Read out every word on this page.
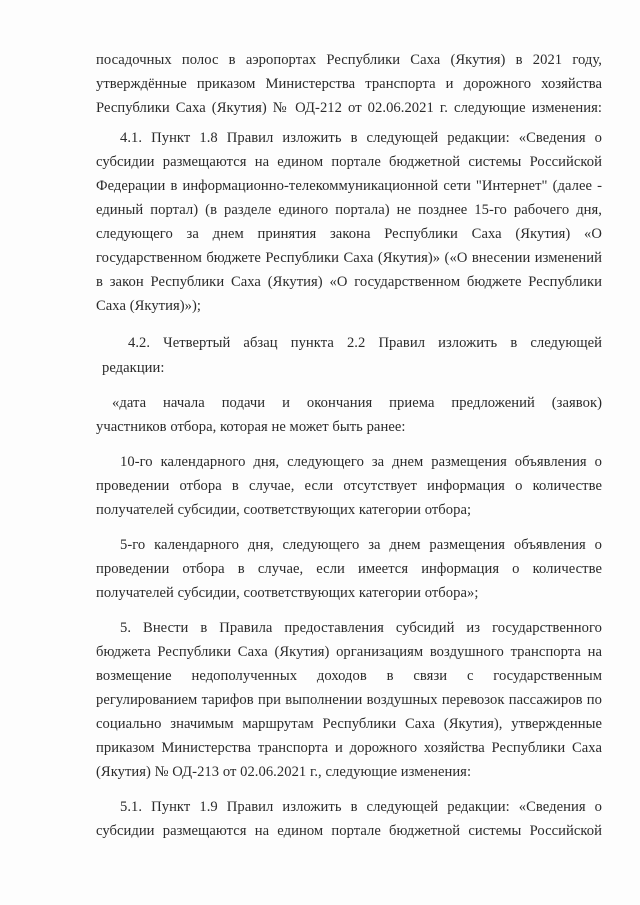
посадочных полос в аэропортах Республики Саха (Якутия) в 2021 году,
утверждённые приказом Министерства транспорта и дорожного хозяйства
Республики Саха (Якутия) № ОД-212 от 02.06.2021 г. следующие изменения:
4.1. Пункт 1.8 Правил изложить в следующей редакции: «Сведения о
субсидии размещаются на едином портале бюджетной системы Российской
Федерации в информационно-телекоммуникационной сети "Интернет" (далее -
единый портал) (в разделе единого портала) не позднее 15-го рабочего дня,
следующего за днем принятия закона Республики Саха (Якутия) «О
государственном бюджете Республики Саха (Якутия)» («О внесении изменений
в закон Республики Саха (Якутия) «О государственном бюджете Республики
Саха (Якутия)»);
4.2. Четвертый абзац пункта 2.2 Правил изложить в следующей
редакции:
«дата начала подачи и окончания приема предложений (заявок)
участников отбора, которая не может быть ранее:
10-го календарного дня, следующего за днем размещения объявления о
проведении отбора в случае, если отсутствует информация о количестве
получателей субсидии, соответствующих категории отбора;
5-го календарного дня, следующего за днем размещения объявления о
проведении отбора в случае, если имеется информация о количестве
получателей субсидии, соответствующих категории отбора»;
5. Внести в Правила предоставления субсидий из государственного
бюджета Республики Саха (Якутия) организациям воздушного транспорта на
возмещение недополученных доходов в связи с государственным
регулированием тарифов при выполнении воздушных перевозок пассажиров по
социально значимым маршрутам Республики Саха (Якутия), утвержденные
приказом Министерства транспорта и дорожного хозяйства Республики Саха
(Якутия) № ОД-213 от 02.06.2021 г., следующие изменения:
5.1. Пункт 1.9 Правил изложить в следующей редакции: «Сведения о
субсидии размещаются на едином портале бюджетной системы Российской
